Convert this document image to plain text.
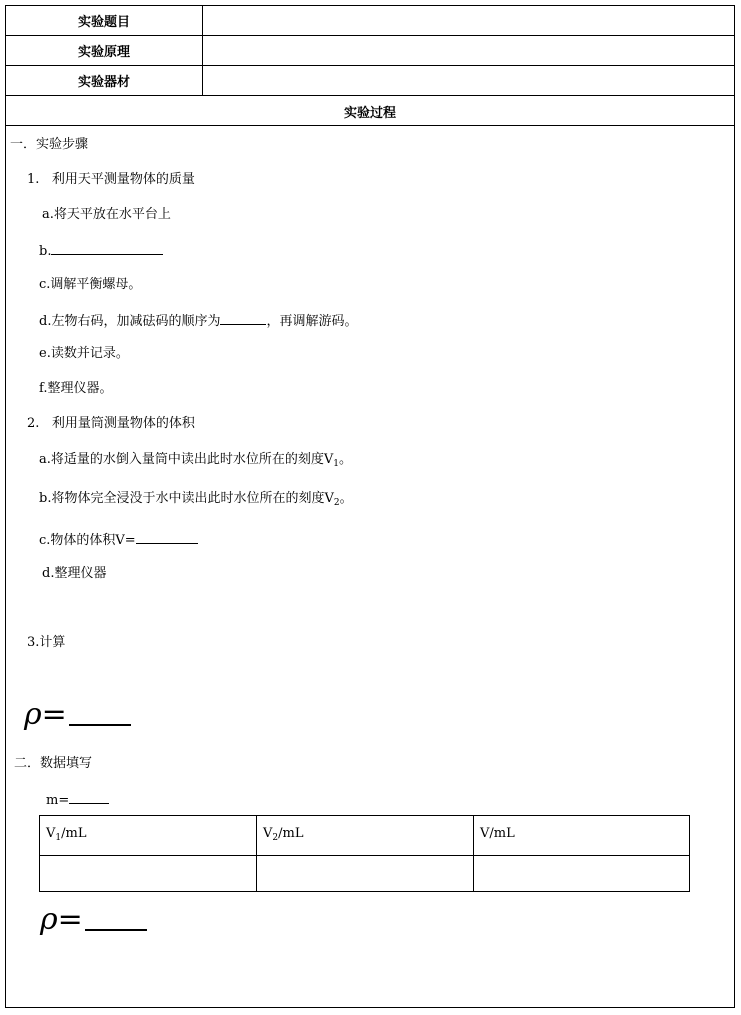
实验题目
实验原理
实验器材
实验过程
一．实验步骤
1. 利用天平测量物体的质量
a.将天平放在水平台上
b.
c.调解平衡螺母。
d.左物右码，加减砝码的顺序为	，再调解游码。
e.读数并记录。
f.整理仪器。
2. 利用量筒测量物体的体积
a.将适量的水倒入量筒中读出此时水位所在的刻度$V_1$。
b.将物体完全浸没于水中读出此时水位所在的刻度$V_2$。
c.物体的体积V=
d.整理仪器
3.计算
ρ=
二．数据填写
m=
$V_1/mL$	$V_2/mL$	V/mL

ρ=
